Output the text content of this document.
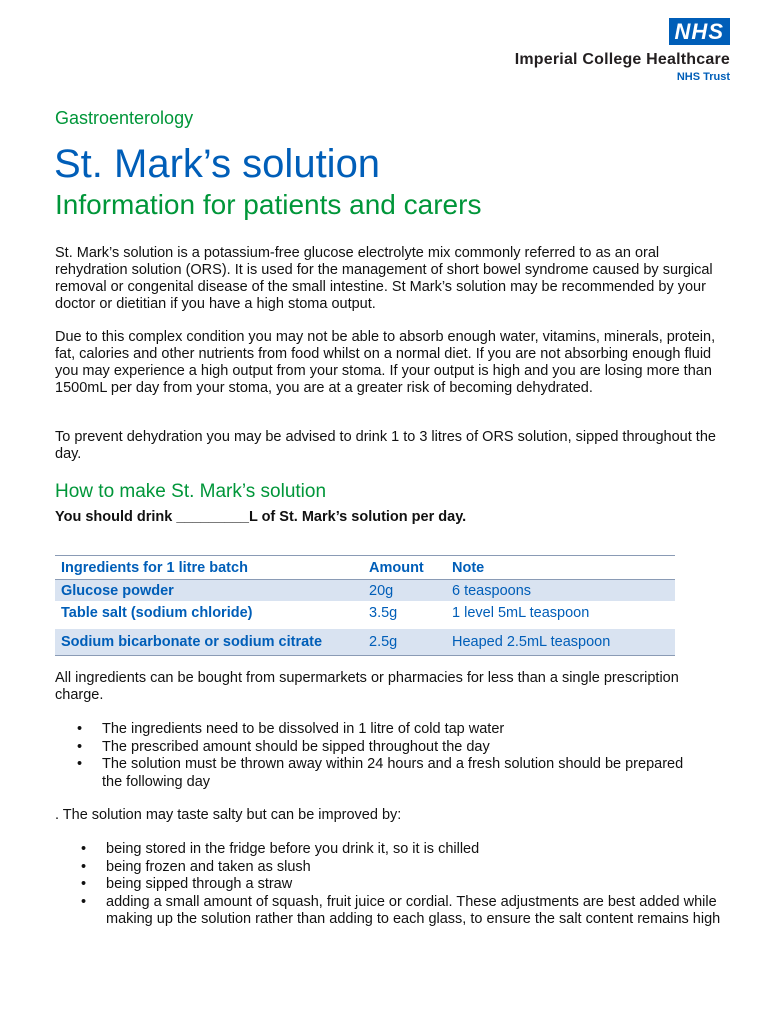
NHS
Imperial College Healthcare
NHS Trust
Gastroenterology
St. Mark’s solution
Information for patients and carers

St. Mark’s solution is a potassium-free glucose electrolyte mix commonly referred to as an oral rehydration solution (ORS). It is used for the management of short bowel syndrome caused by surgical removal or congenital disease of the small intestine. St Mark’s solution may be recommended by your doctor or dietitian if you have a high stoma output.

Due to this complex condition you may not be able to absorb enough water, vitamins, minerals, protein, fat, calories and other nutrients from food whilst on a normal diet. If you are not absorbing enough fluid you may experience a high output from your stoma. If your output is high and you are losing more than 1500mL per day from your stoma, you are at a greater risk of becoming dehydrated.

To prevent dehydration you may be advised to drink 1 to 3 litres of ORS solution, sipped throughout the day.

How to make St. Mark’s solution
You should drink _________L of St. Mark’s solution per day.
Ingredients for 1 litre batch	Amount	Note
Glucose powder	20g	6 teaspoons
Table salt (sodium chloride)	3.5g	1 level 5mL teaspoon
Sodium bicarbonate or sodium citrate	2.5g	Heaped 2.5mL teaspoon

All ingredients can be bought from supermarkets or pharmacies for less than a single prescription charge.

• The ingredients need to be dissolved in 1 litre of cold tap water
• The prescribed amount should be sipped throughout the day
• The solution must be thrown away within 24 hours and a fresh solution should be prepared the following day

. The solution may taste salty but can be improved by:

• being stored in the fridge before you drink it, so it is chilled
• being frozen and taken as slush
• being sipped through a straw
• adding a small amount of squash, fruit juice or cordial. These adjustments are best added while making up the solution rather than adding to each glass, to ensure the salt content remains high
